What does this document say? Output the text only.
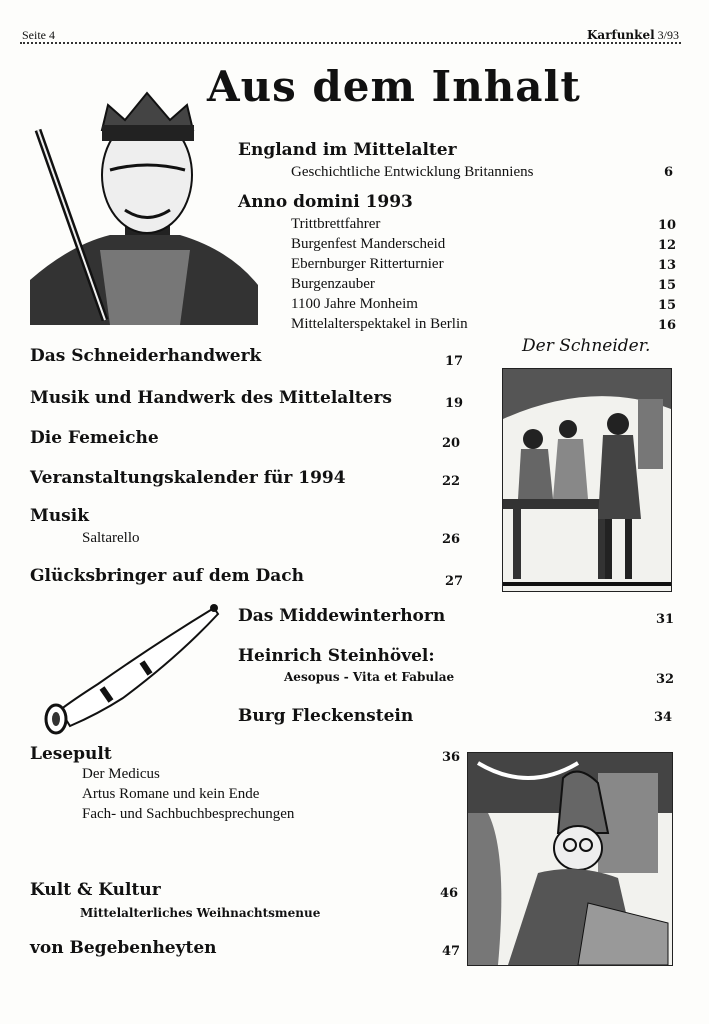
Seite 4	Karfunkel 3/93
Aus dem Inhalt
England im Mittelalter
Geschichtliche Entwicklung Britanniens	6
Anno domini 1993
Trittbrettfahrer	10
Burgenfest Manderscheid	12
Ebernburger Ritterturnier	13
Burgenzauber	15
1100 Jahre Monheim	15
Mittelalterspektakel in Berlin	16
Der Schneider.
Das Schneiderhandwerk	17
Musik und Handwerk des Mittelalters	19
Die Femeiche	20
Veranstaltungskalender für 1994	22
Musik
Saltarello	26
Glücksbringer auf dem Dach	27
Das Middewinterhorn	31
Heinrich Steinhövel:
Aesopus - Vita et Fabulae	32
Burg Fleckenstein	34
Lesepult	36
Der Medicus
Artus Romane und kein Ende
Fach- und Sachbuchbesprechungen
Kult & Kultur	46
Mittelalterliches Weihnachtsmenue
von Begebenheyten	47
